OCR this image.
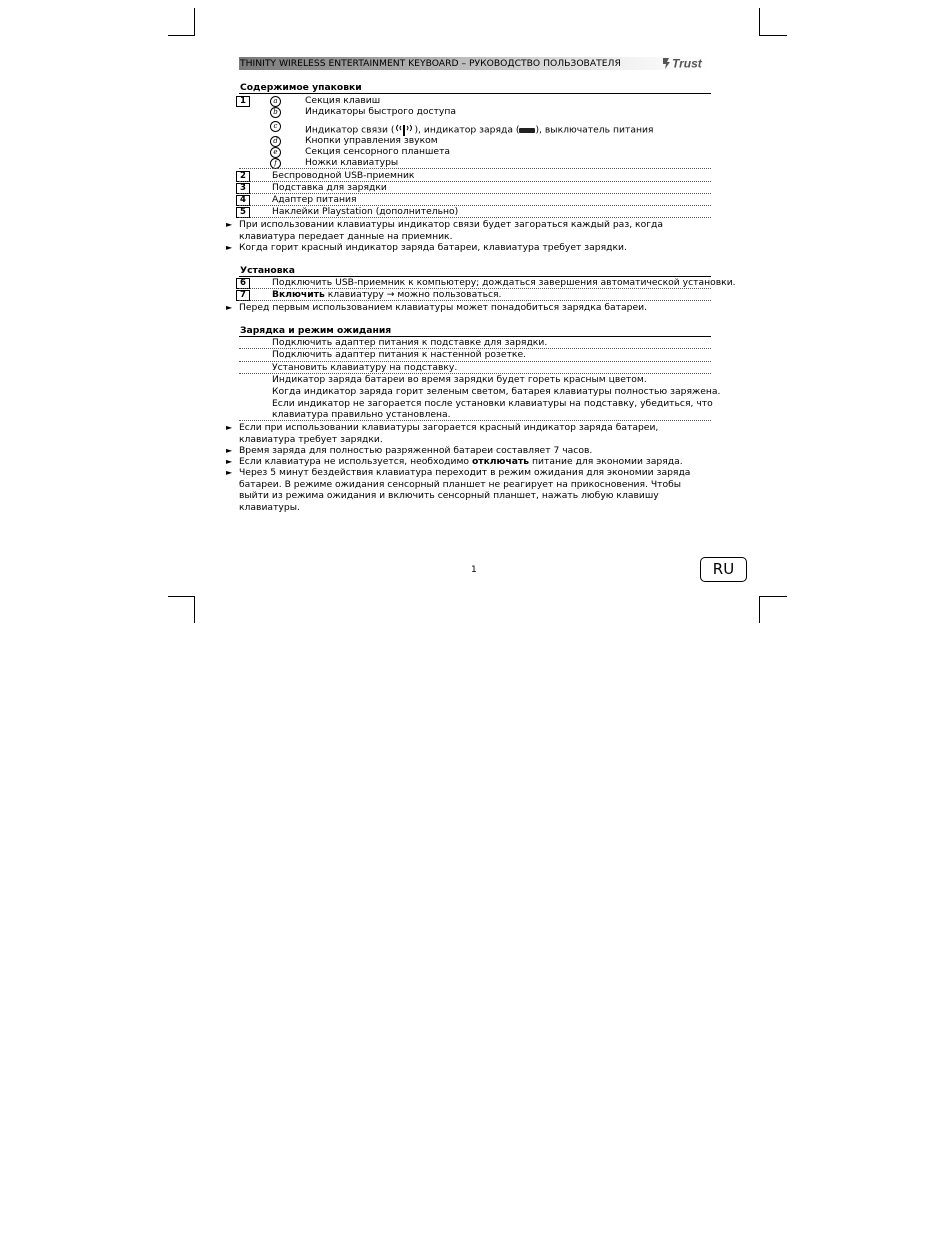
THINITY WIRELESS ENTERTAINMENT KEYBOARD – РУКОВОДСТВО ПОЛЬЗОВАТЕЛЯ	Trust
Содержимое упаковки
1	a	Секция клавиш
b	Индикаторы быстрого доступа
c	Индикатор связи ( ), индикатор заряда ( ), выключатель питания
d	Кнопки управления звуком
e	Секция сенсорного планшета
f	Ножки клавиатуры
2	Беспроводной USB-приемник
3	Подставка для зарядки
4	Адаптер питания
5	Наклейки Playstation (дополнительно)
► При использовании клавиатуры индикатор связи будет загораться каждый раз, когда клавиатура передает данные на приемник.
► Когда горит красный индикатор заряда батареи, клавиатура требует зарядки.
Установка
6	Подключить USB-приемник к компьютеру; дождаться завершения автоматической установки.
7	Включить клавиатуру → можно пользоваться.
► Перед первым использованием клавиатуры может понадобиться зарядка батареи.
Зарядка и режим ожидания
Подключить адаптер питания к подставке для зарядки.
Подключить адаптер питания к настенной розетке.
Установить клавиатуру на подставку.
Индикатор заряда батареи во время зарядки будет гореть красным цветом.
Когда индикатор заряда горит зеленым светом, батарея клавиатуры полностью заряжена.
Если индикатор не загорается после установки клавиатуры на подставку, убедиться, что
клавиатура правильно установлена.
► Если при использовании клавиатуры загорается красный индикатор заряда батареи, клавиатура требует зарядки.
► Время заряда для полностью разряженной батареи составляет 7 часов.
► Если клавиатура не используется, необходимо отключать питание для экономии заряда.
► Через 5 минут бездействия клавиатура переходит в режим ожидания для экономии заряда батареи. В режиме ожидания сенсорный планшет не реагирует на прикосновения. Чтобы выйти из режима ожидания и включить сенсорный планшет, нажать любую клавишу клавиатуры.
1	RU
